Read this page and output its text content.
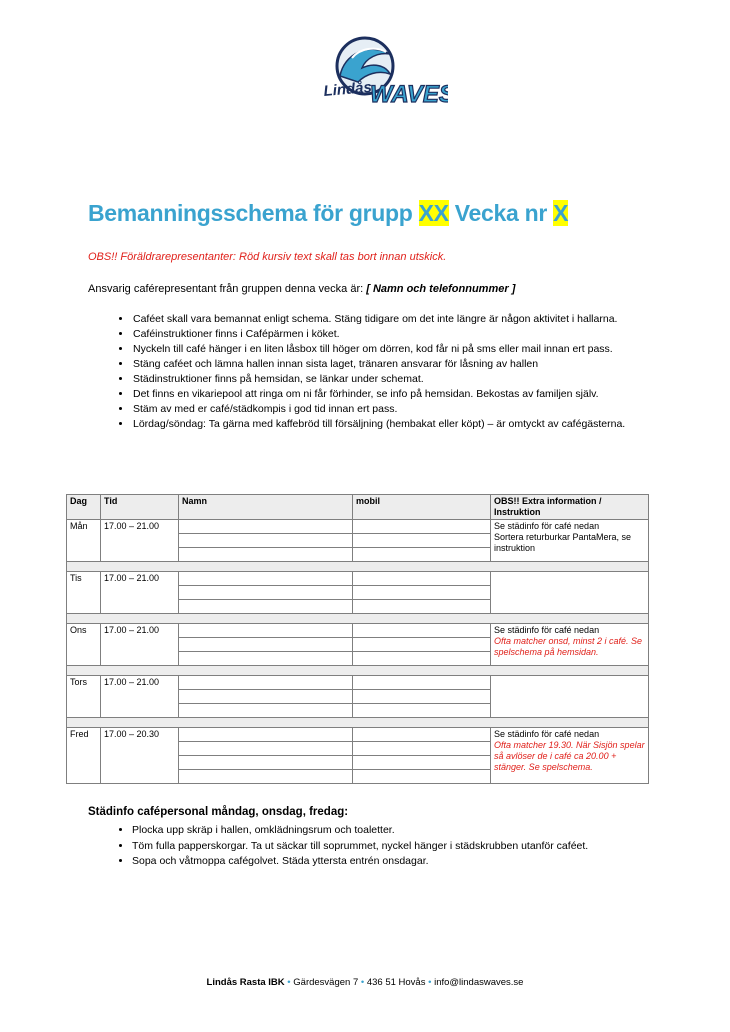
Lindås
WAVES
Bemanningsschema för grupp XX Vecka nr X
OBS!! Föräldrarepresentanter: Röd kursiv text skall tas bort innan utskick.
Ansvarig caférepresentant från gruppen denna vecka är: [ Namn och telefonnummer ]
• Caféet skall vara bemannat enligt schema. Stäng tidigare om det inte längre är någon aktivitet i hallarna.
• Caféinstruktioner finns i Cafépärmen i köket.
• Nyckeln till café hänger i en liten låsbox till höger om dörren, kod får ni på sms eller mail innan ert pass.
• Stäng caféet och lämna hallen innan sista laget, tränaren ansvarar för låsning av hallen
• Städinstruktioner finns på hemsidan, se länkar under schemat.
• Det finns en vikariepool att ringa om ni får förhinder, se info på hemsidan. Bekostas av familjen själv.
• Stäm av med er café/städkompis i god tid innan ert pass.
• Lördag/söndag: Ta gärna med kaffebröd till försäljning (hembakat eller köpt) – är omtyckt av cafégästerna.
Dag	Tid	Namn	mobil	OBS!! Extra information / Instruktion
Mån	17.00 – 21.00			Se städinfo för café nedan
Sortera returburkar PantaMera, se instruktion

Tis	17.00 – 21.00			

Ons	17.00 – 21.00			Se städinfo för café nedan
Ofta matcher onsd, minst 2 i café. Se spelschema på hemsidan.

Tors	17.00 – 21.00			

Fred	17.00 – 20.30			Se städinfo för café nedan
Ofta matcher 19.30. När Sisjön spelar så avlöser de i café ca 20.00 + stänger. Se spelschema.

Städinfo cafépersonal måndag, onsdag, fredag:
• Plocka upp skräp i hallen, omklädningsrum och toaletter.
• Töm fulla papperskorgar. Ta ut säckar till soprummet, nyckel hänger i städskrubben utanför caféet.
• Sopa och våtmoppa cafégolvet. Städa yttersta entrén onsdagar.
Lindås Rasta IBK • Gärdesvägen 7 • 436 51 Hovås • info@lindaswaves.se
